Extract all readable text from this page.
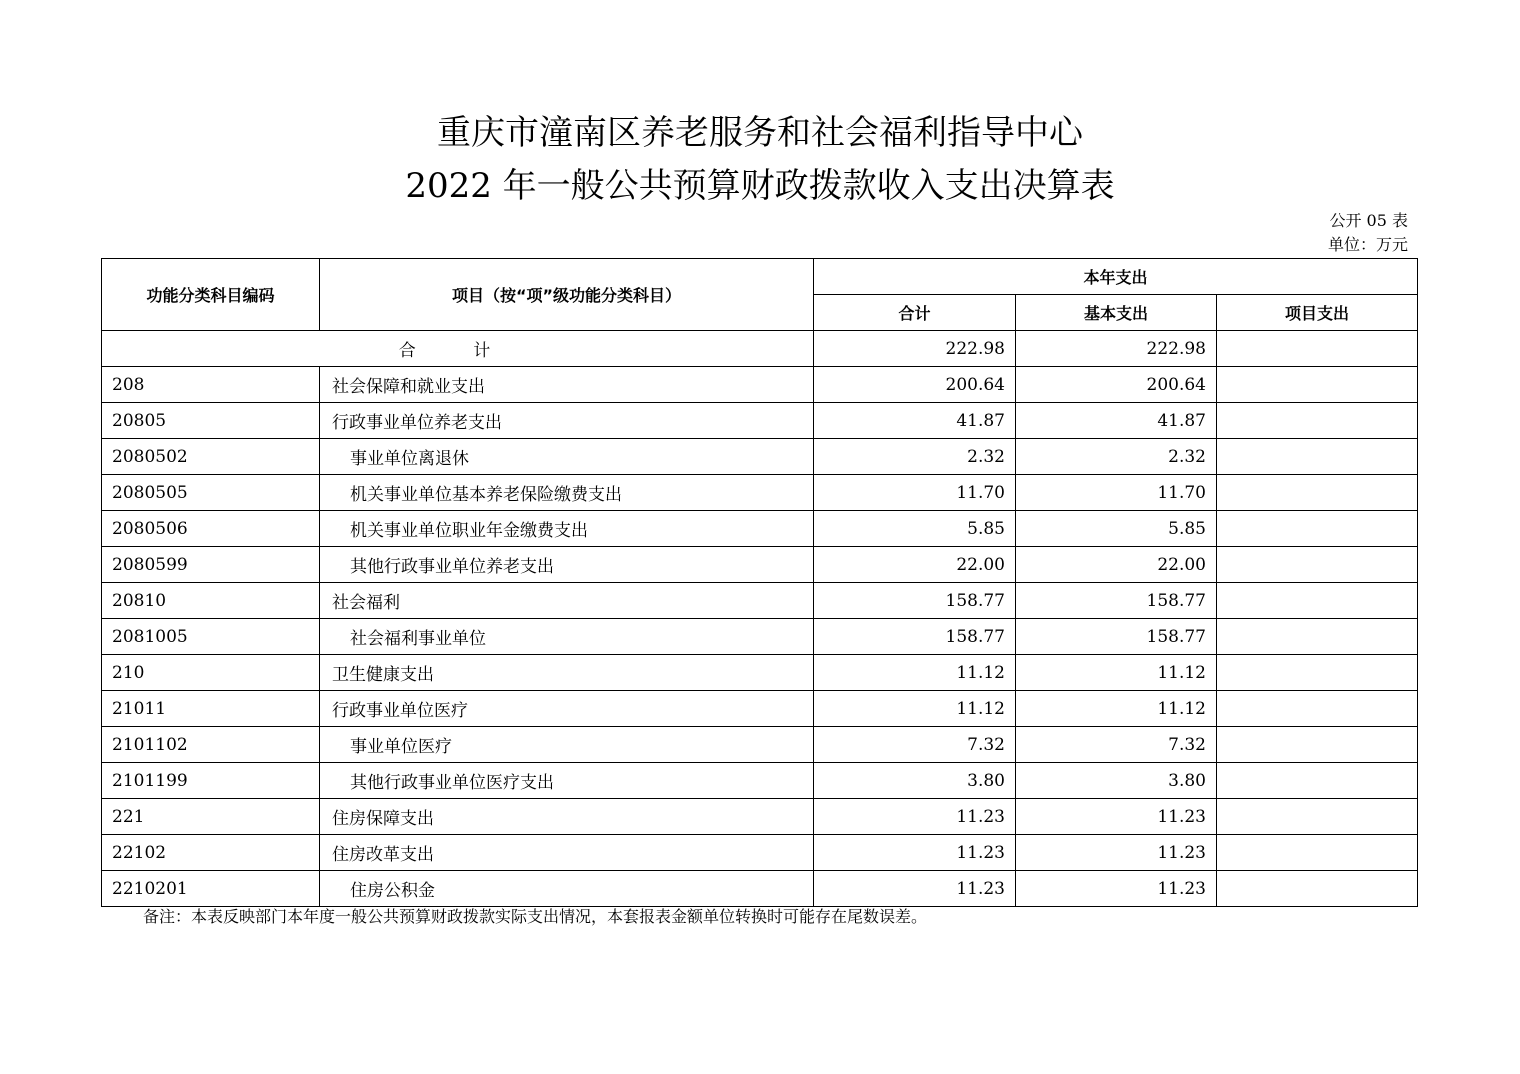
重庆市潼南区养老服务和社会福利指导中心
2022 年一般公共预算财政拨款收入支出决算表
公开 05 表
单位：万元
功能分类科目编码	项目（按“项”级功能分类科目）	本年支出		
		合计	基本支出	项目支出
合 计		222.98	222.98	
208	社会保障和就业支出	200.64	200.64	
20805	行政事业单位养老支出	41.87	41.87	
2080502	事业单位离退休	2.32	2.32	
2080505	机关事业单位基本养老保险缴费支出	11.70	11.70	
2080506	机关事业单位职业年金缴费支出	5.85	5.85	
2080599	其他行政事业单位养老支出	22.00	22.00	
20810	社会福利	158.77	158.77	
2081005	社会福利事业单位	158.77	158.77	
210	卫生健康支出	11.12	11.12	
21011	行政事业单位医疗	11.12	11.12	
2101102	事业单位医疗	7.32	7.32	
2101199	其他行政事业单位医疗支出	3.80	3.80	
221	住房保障支出	11.23	11.23	
22102	住房改革支出	11.23	11.23	
2210201	住房公积金	11.23	11.23	
备注：本表反映部门本年度一般公共预算财政拨款实际支出情况，本套报表金额单位转换时可能存在尾数误差。
